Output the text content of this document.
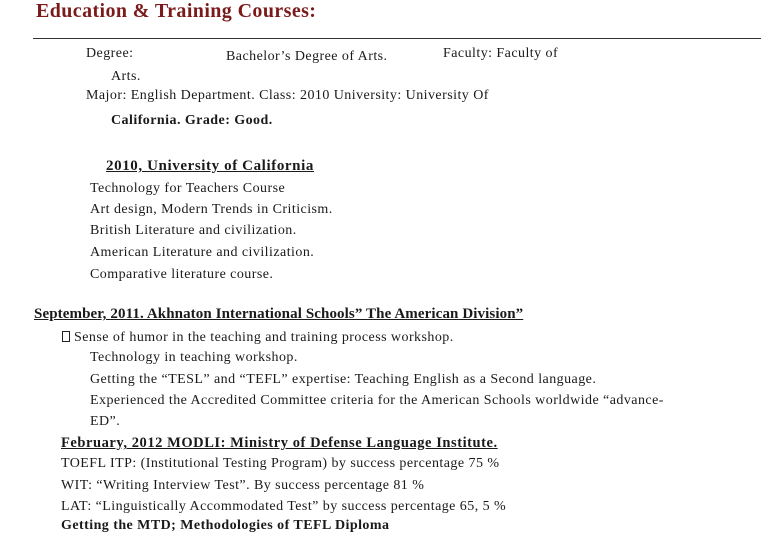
Education & Training Courses:
Degree:	Bachelor’s Degree of Arts.	Faculty: Faculty of
Arts.
Major: English Department. Class: 2010 University: University Of
California. Grade: Good.
2010, University of California
Technology for Teachers Course
Art design, Modern Trends in Criticism.
British Literature and civilization.
American Literature and civilization.
Comparative literature course.
September, 2011. Akhnaton International Schools” The American Division”
Sense of humor in the teaching and training process workshop.
Technology in teaching workshop.
Getting the “TESL” and “TEFL” expertise: Teaching English as a Second language.
Experienced the Accredited Committee criteria for the American Schools worldwide “advance-
ED”.
February, 2012 MODLI: Ministry of Defense Language Institute.
TOEFL ITP: (Institutional Testing Program) by success percentage 75 %
WIT: “Writing Interview Test”. By success percentage 81 %
LAT: “Linguistically Accommodated Test” by success percentage 65, 5 %
Getting the MTD; Methodologies of TEFL Diploma
